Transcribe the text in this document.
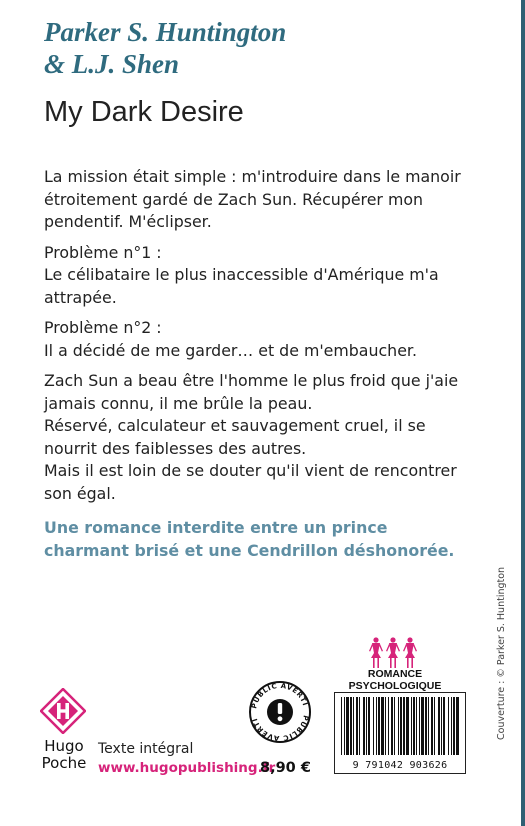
Parker S. Huntington
& L.J. Shen
My Dark Desire

La mission était simple : m'introduire dans le manoir étroitement gardé de Zach Sun. Récupérer mon pendentif. M'éclipser.

Problème n°1 :
Le célibataire le plus inaccessible d'Amérique m'a attrapée.

Problème n°2 :
Il a décidé de me garder… et de m'embaucher.

Zach Sun a beau être l'homme le plus froid que j'aie jamais connu, il me brûle la peau.
Réservé, calculateur et sauvagement cruel, il se nourrit des faiblesses des autres.
Mais il est loin de se douter qu'il vient de rencontrer son égal.

Une romance interdite entre un prince charmant brisé et une Cendrillon déshonorée.
Couverture : © Parker S. Huntington
ROMANCE PSYCHOLOGIQUE
9 791042 903626
Hugo
Poche
Texte intégral
www.hugopublishing.fr
PUBLIC AVERTI
PUBLIC AVERTI
8,90 €
